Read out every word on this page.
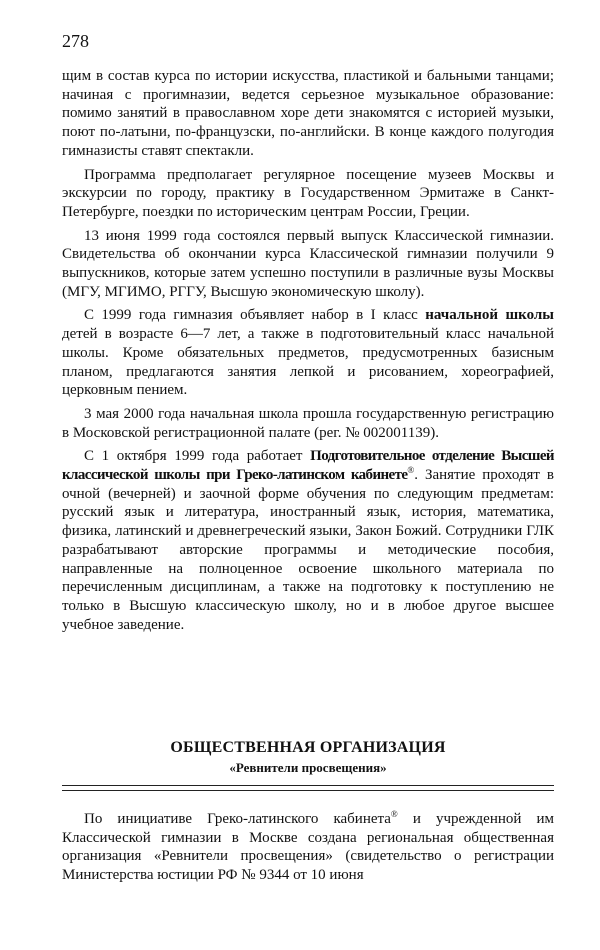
278

щим в состав курса по истории искусства, пластикой и бальными танцами; начиная с прогимназии, ведется серьезное музыкальное образование: помимо занятий в православном хоре дети знакомятся с историей музыки, поют по-латыни, по-французски, по-английски. В конце каждого полугодия гимназисты ставят спектакли.

Программа предполагает регулярное посещение музеев Москвы и экскурсии по городу, практику в Государственном Эрмитаже в Санкт-Петербурге, поездки по историческим центрам России, Греции.

13 июня 1999 года состоялся первый выпуск Классической гимназии. Свидетельства об окончании курса Классической гимназии получили 9 выпускников, которые затем успешно поступили в различные вузы Москвы (МГУ, МГИМО, РГГУ, Высшую экономическую школу).

С 1999 года гимназия объявляет набор в I класс начальной школы детей в возрасте 6—7 лет, а также в подготовительный класс начальной школы. Кроме обязательных предметов, предусмотренных базисным планом, предлагаются занятия лепкой и рисованием, хореографией, церковным пением.

3 мая 2000 года начальная школа прошла государственную регистрацию в Московской регистрационной палате (рег. № 002001139).

С 1 октября 1999 года работает Подготовительное отделение Высшей классической школы при Греко-латинском кабинете®. Занятие проходят в очной (вечерней) и заочной форме обучения по следующим предметам: русский язык и литература, иностранный язык, история, математика, физика, латинский и древнегреческий языки, Закон Божий. Сотрудники ГЛК разрабатывают авторские программы и методические пособия, направленные на полноценное освоение школьного материала по перечисленным дисциплинам, а также на подготовку к поступлению не только в Высшую классическую школу, но и в любое другое высшее учебное заведение.

ОБЩЕСТВЕННАЯ ОРГАНИЗАЦИЯ
«Ревнители просвещения»

По инициативе Греко-латинского кабинета® и учрежденной им Классической гимназии в Москве создана региональная общественная организация «Ревнители просвещения» (свидетельство о регистрации Министерства юстиции РФ № 9344 от 10 июня
